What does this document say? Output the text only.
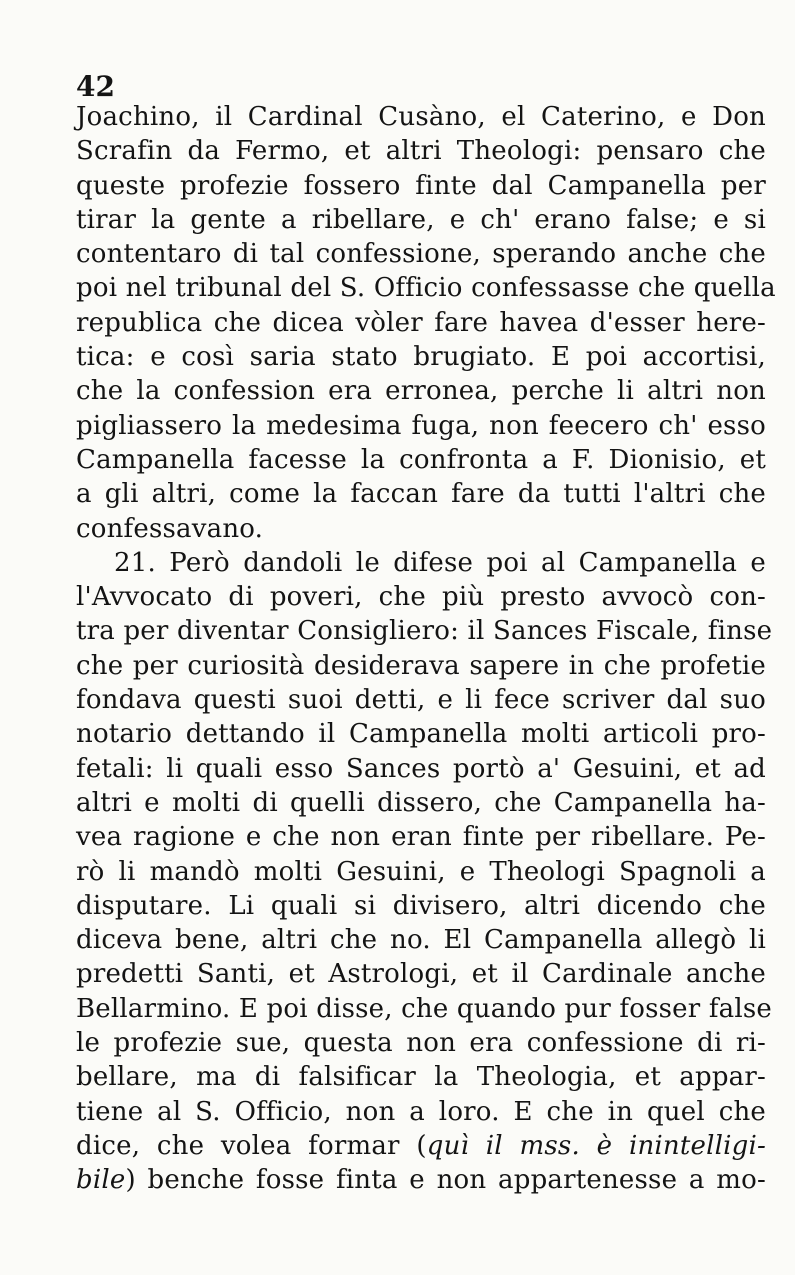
42
Joachino, il Cardinal Cusàno, el Caterino, e Don
Scrafin da Fermo, et altri Theologi: pensaro che
queste profezie fossero finte dal Campanella per
tirar la gente a ribellare, e ch' erano false; e si
contentaro di tal confessione, sperando anche che
poi nel tribunal del S. Officio confessasse che quella
republica che dicea vòler fare havea d'esser here-
tica: e così saria stato brugiato. E poi accortisi,
che la confession era erronea, perche li altri non
pigliassero la medesima fuga, non feecero ch' esso
Campanella facesse la confronta a F. Dionisio, et
a gli altri, come la faccan fare da tutti l'altri che
confessavano.
21. Però dandoli le difese poi al Campanella e
l'Avvocato di poveri, che più presto avvocò con-
tra per diventar Consigliero: il Sances Fiscale, finse
che per curiosità desiderava sapere in che profetie
fondava questi suoi detti, e li fece scriver dal suo
notario dettando il Campanella molti articoli pro-
fetali: li quali esso Sances portò a' Gesuini, et ad
altri e molti di quelli dissero, che Campanella ha-
vea ragione e che non eran finte per ribellare. Pe-
rò li mandò molti Gesuini, e Theologi Spagnoli a
disputare. Li quali si divisero, altri dicendo che
diceva bene, altri che no. El Campanella allegò li
predetti Santi, et Astrologi, et il Cardinale anche
Bellarmino. E poi disse, che quando pur fosser false
le profezie sue, questa non era confessione di ri-
bellare, ma di falsificar la Theologia, et appar-
tiene al S. Officio, non a loro. E che in quel che
dice, che volea formar (quì il mss. è inintelligi-
bile) benche fosse finta e non appartenesse a mo-
